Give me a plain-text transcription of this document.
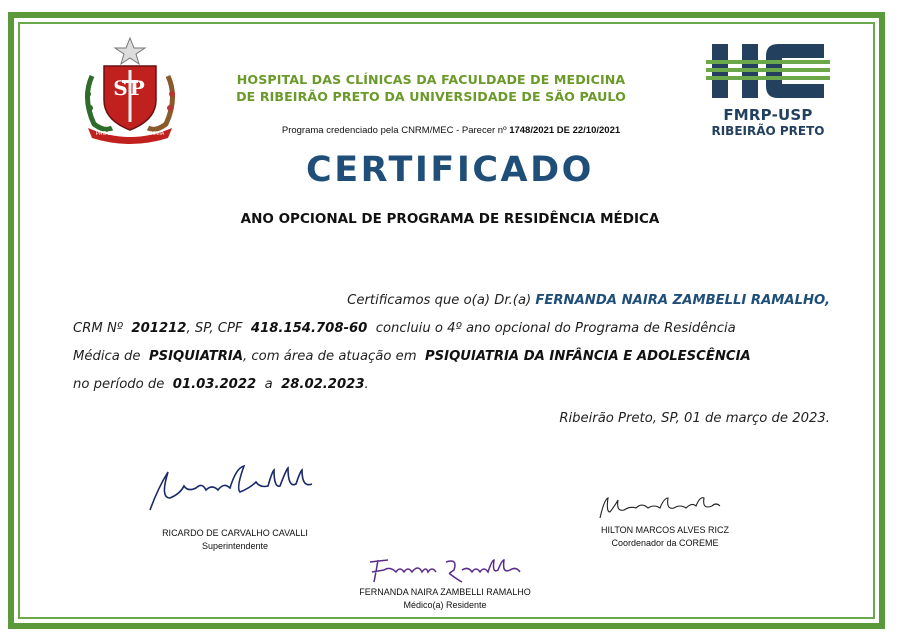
SP
PRO BRASILIA FIANT EXIMIA
FMRP-USP
RIBEIRÃO PRETO
HOSPITAL DAS CLÍNICAS DA FACULDADE DE MEDICINA
DE RIBEIRÃO PRETO DA UNIVERSIDADE DE SÃO PAULO
Programa credenciado pela CNRM/MEC - Parecer nº 1748/2021 DE 22/10/2021
CERTIFICADO
ANO OPCIONAL DE PROGRAMA DE RESIDÊNCIA MÉDICA
Certificamos que o(a) Dr.(a) FERNANDA NAIRA ZAMBELLI RAMALHO,
CRM Nº 201212, SP, CPF 418.154.708-60 concluiu o 4º ano opcional do Programa de Residência
Médica de PSIQUIATRIA, com área de atuação em PSIQUIATRIA DA INFÂNCIA E ADOLESCÊNCIA
no período de 01.03.2022 a 28.02.2023.
Ribeirão Preto, SP, 01 de março de 2023.
RICARDO DE CARVALHO CAVALLI
Superintendente
HILTON MARCOS ALVES RICZ
Coordenador da COREME
FERNANDA NAIRA ZAMBELLI RAMALHO
Médico(a) Residente
